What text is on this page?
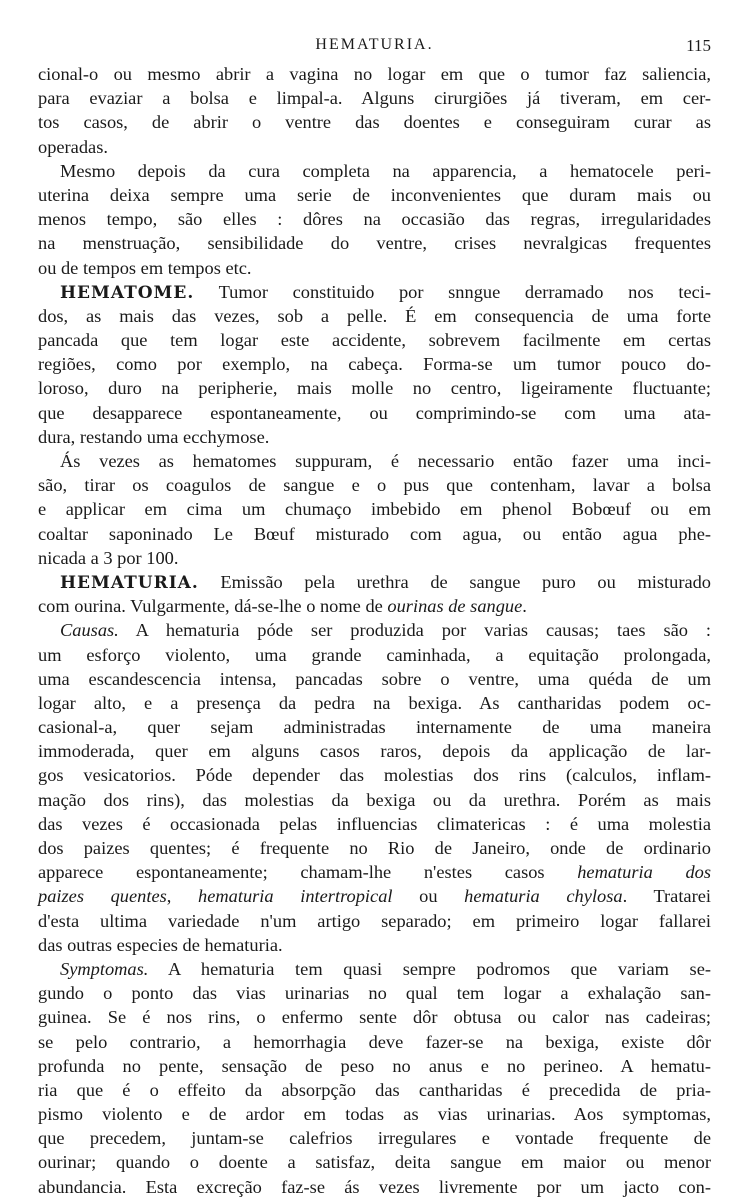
HEMATURIA.	115
cional-o ou mesmo abrir a vagina no logar em que o tumor faz saliencia,
para evaziar a bolsa e limpal-a. Alguns cirurgiões já tiveram, em cer-
tos casos, de abrir o ventre das doentes e conseguiram curar as
operadas.
Mesmo depois da cura completa na apparencia, a hematocele peri-
uterina deixa sempre uma serie de inconvenientes que duram mais ou
menos tempo, são elles : dôres na occasião das regras, irregularidades
na menstruação, sensibilidade do ventre, crises nevralgicas frequentes
ou de tempos em tempos etc.
HEMATOME. Tumor constituido por snngue derramado nos teci-
dos, as mais das vezes, sob a pelle. É em consequencia de uma forte
pancada que tem logar este accidente, sobrevem facilmente em certas
regiões, como por exemplo, na cabeça. Forma-se um tumor pouco do-
loroso, duro na peripherie, mais molle no centro, ligeiramente fluctuante;
que desapparece espontaneamente, ou comprimindo-se com uma ata-
dura, restando uma ecchymose.
Ás vezes as hematomes suppuram, é necessario então fazer uma inci-
são, tirar os coagulos de sangue e o pus que contenham, lavar a bolsa
e applicar em cima um chumaço imbebido em phenol Bobœuf ou em
coaltar saponinado Le Bœuf misturado com agua, ou então agua phe-
nicada a 3 por 100.
HEMATURIA. Emissão pela urethra de sangue puro ou misturado
com ourina. Vulgarmente, dá-se-lhe o nome de ourinas de sangue.
Causas. A hematuria póde ser produzida por varias causas; taes são :
um esforço violento, uma grande caminhada, a equitação prolongada,
uma escandescencia intensa, pancadas sobre o ventre, uma quéda de um
logar alto, e a presença da pedra na bexiga. As cantharidas podem oc-
casional-a, quer sejam administradas internamente de uma maneira
immoderada, quer em alguns casos raros, depois da applicação de lar-
gos vesicatorios. Póde depender das molestias dos rins (calculos, inflam-
mação dos rins), das molestias da bexiga ou da urethra. Porém as mais
das vezes é occasionada pelas influencias climatericas : é uma molestia
dos paizes quentes; é frequente no Rio de Janeiro, onde de ordinario
apparece espontaneamente; chamam-lhe n'estes casos hematuria dos
paizes quentes, hematuria intertropical ou hematuria chylosa. Tratarei
d'esta ultima variedade n'um artigo separado; em primeiro logar fallarei
das outras especies de hematuria.
Symptomas. A hematuria tem quasi sempre podromos que variam se-
gundo o ponto das vias urinarias no qual tem logar a exhalação san-
guinea. Se é nos rins, o enfermo sente dôr obtusa ou calor nas cadeiras;
se pelo contrario, a hemorrhagia deve fazer-se na bexiga, existe dôr
profunda no pente, sensação de peso no anus e no perineo. A hematu-
ria que é o effeito da absorpção das cantharidas é precedida de pria-
pismo violento e de ardor em todas as vias urinarias. Aos symptomas,
que precedem, juntam-se calefrios irregulares e vontade frequente de
ourinar; quando o doente a satisfaz, deita sangue em maior ou menor
abundancia. Esta excreção faz-se ás vezes livremente por um jacto con-
